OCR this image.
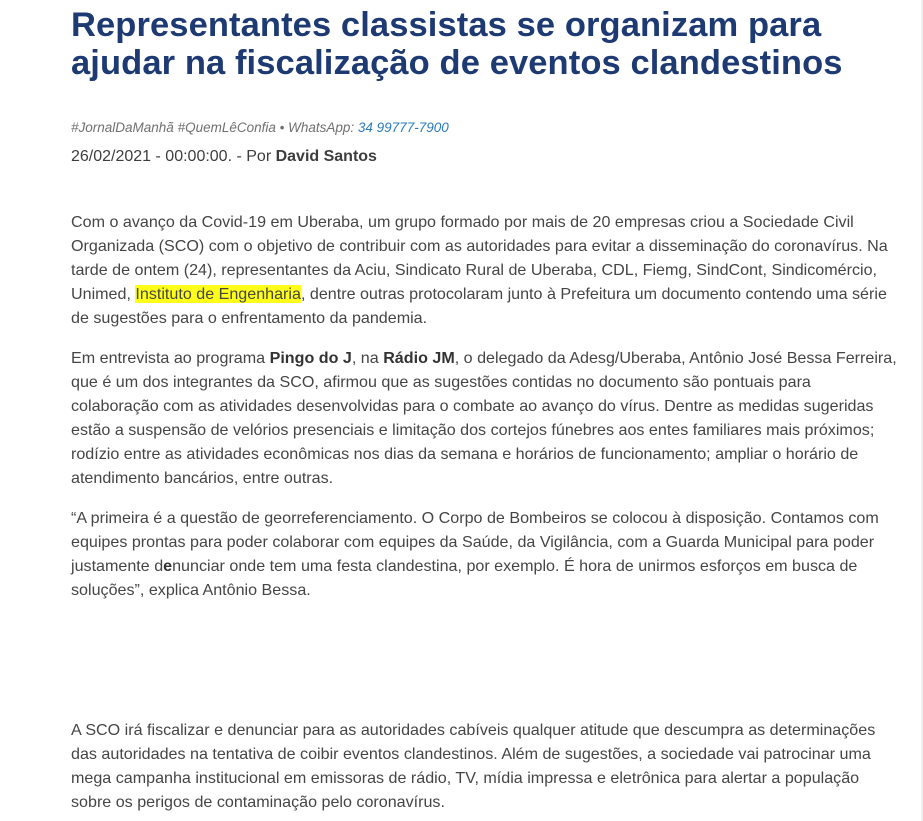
Representantes classistas se organizam para ajudar na fiscalização de eventos clandestinos
#JornalDaManhã #QuemLêConfia • WhatsApp: 34 99777-7900
26/02/2021 - 00:00:00. - Por David Santos

Com o avanço da Covid-19 em Uberaba, um grupo formado por mais de 20 empresas criou a Sociedade Civil Organizada (SCO) com o objetivo de contribuir com as autoridades para evitar a disseminação do coronavírus. Na tarde de ontem (24), representantes da Aciu, Sindicato Rural de Uberaba, CDL, Fiemg, SindCont, Sindicomércio, Unimed, Instituto de Engenharia, dentre outras protocolaram junto à Prefeitura um documento contendo uma série de sugestões para o enfrentamento da pandemia.

Em entrevista ao programa Pingo do J, na Rádio JM, o delegado da Adesg/Uberaba, Antônio José Bessa Ferreira, que é um dos integrantes da SCO, afirmou que as sugestões contidas no documento são pontuais para colaboração com as atividades desenvolvidas para o combate ao avanço do vírus. Dentre as medidas sugeridas estão a suspensão de velórios presenciais e limitação dos cortejos fúnebres aos entes familiares mais próximos; rodízio entre as atividades econômicas nos dias da semana e horários de funcionamento; ampliar o horário de atendimento bancários, entre outras.

“A primeira é a questão de georreferenciamento. O Corpo de Bombeiros se colocou à disposição. Contamos com equipes prontas para poder colaborar com equipes da Saúde, da Vigilância, com a Guarda Municipal para poder justamente denunciar onde tem uma festa clandestina, por exemplo. É hora de unirmos esforços em busca de soluções”, explica Antônio Bessa.

A SCO irá fiscalizar e denunciar para as autoridades cabíveis qualquer atitude que descumpra as determinações das autoridades na tentativa de coibir eventos clandestinos. Além de sugestões, a sociedade vai patrocinar uma mega campanha institucional em emissoras de rádio, TV, mídia impressa e eletrônica para alertar a população sobre os perigos de contaminação pelo coronavírus.
